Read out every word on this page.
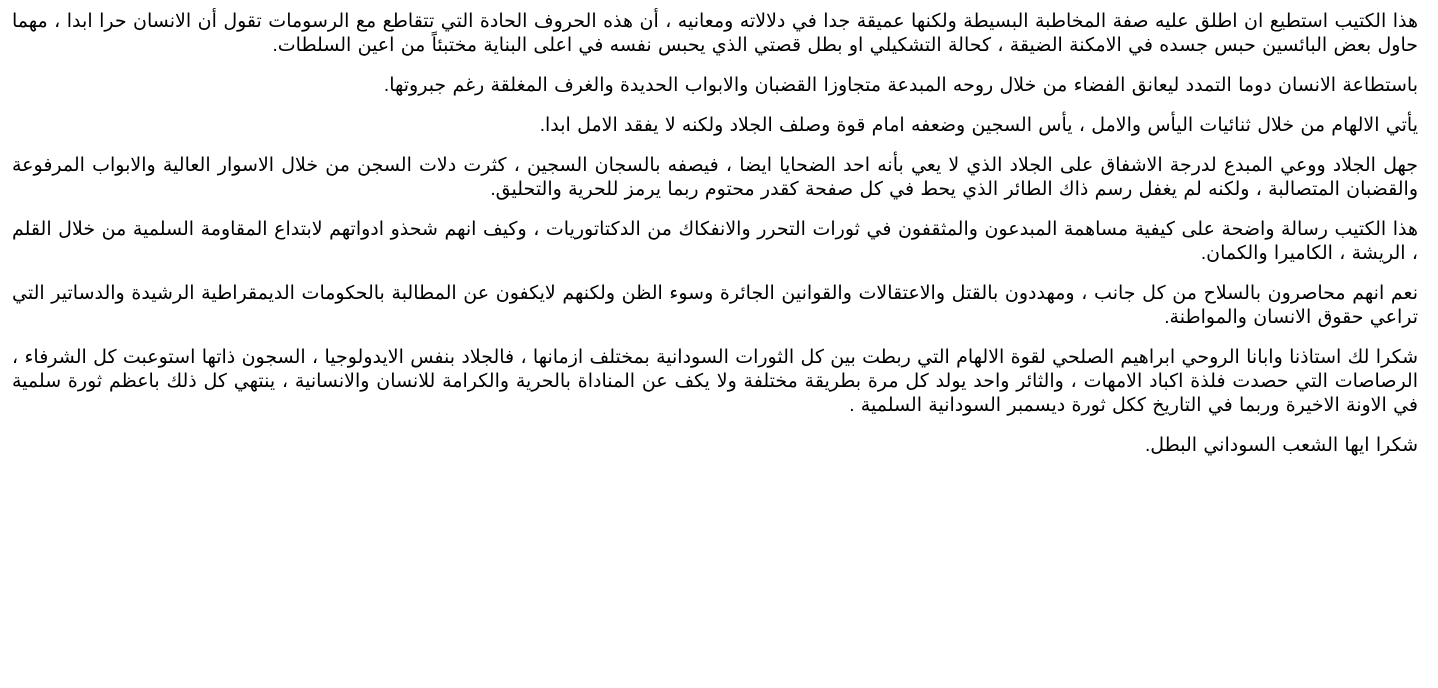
هذا الكتيب استطيع ان اطلق عليه صفة المخاطبة البسيطة ولكنها عميقة جدا في دلالاته ومعانيه ، أن هذه الحروف الحادة التي تتقاطع مع الرسومات تقول أن الانسان حرا ابدا ، مهما حاول بعض البائسين حبس جسده في الامكنة الضيقة ، كحالة التشكيلي او بطل قصتي الذي يحبس نفسه في اعلى البناية مختبئاً من اعين السلطات.

باستطاعة الانسان دوما التمدد ليعانق الفضاء من خلال روحه المبدعة متجاوزا القضبان والابواب الحديدة والغرف المغلقة رغم جبروتها.

يأتي الالهام من خلال ثنائيات اليأس والامل ، يأس السجين وضعفه امام قوة وصلف الجلاد ولكنه لا يفقد الامل ابدا.

جهل الجلاد ووعي المبدع لدرجة الاشفاق على الجلاد الذي لا يعي بأنه احد الضحايا ايضا ، فيصفه بالسجان السجين ، كثرت دلات السجن من خلال الاسوار العالية والابواب المرفوعة والقضبان المتصالبة ، ولكنه لم يغفل رسم ذاك الطائر الذي يحط في كل صفحة كقدر محتوم ربما يرمز للحرية والتحليق.

هذا الكتيب رسالة واضحة على كيفية مساهمة المبدعون والمثقفون في ثورات التحرر والانفكاك من الدكتاتوريات ، وكيف انهم شحذو ادواتهم لابتداع المقاومة السلمية من خلال القلم ، الريشة ، الكاميرا والكمان.

نعم انهم محاصرون بالسلاح من كل جانب ، ومهددون بالقتل والاعتقالات والقوانين الجائرة وسوء الظن ولكنهم لايكفون عن المطالبة بالحكومات الديمقراطية الرشيدة والدساتير التي تراعي حقوق الانسان والمواطنة.

شكرا لك استاذنا وابانا الروحي ابراهيم الصلحي لقوة الالهام التي ربطت بين كل الثورات السودانية بمختلف ازمانها ، فالجلاد بنفس الايدولوجيا ، السجون ذاتها استوعبت كل الشرفاء ، الرصاصات التي حصدت فلذة اكباد الامهات ، والثائر واحد يولد كل مرة بطريقة مختلفة ولا يكف عن المناداة بالحرية والكرامة للانسان والانسانية ، ينتهي كل ذلك باعظم ثورة سلمية في الاونة الاخيرة وربما في التاريخ ككل ثورة ديسمبر السودانية السلمية .

شكرا ايها الشعب السوداني البطل.
